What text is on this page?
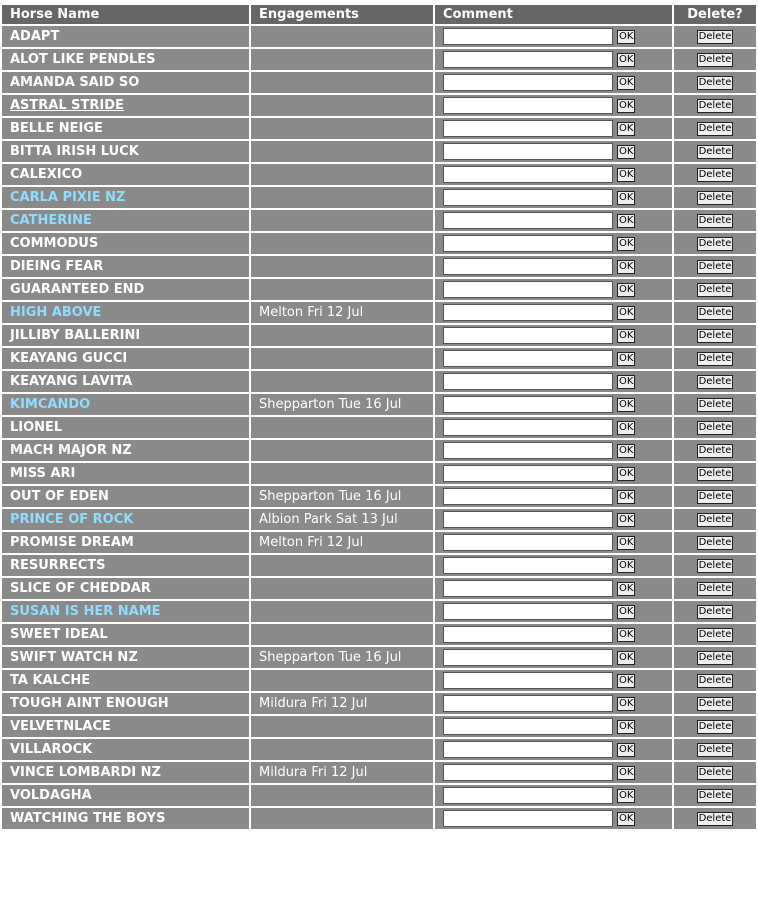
Horse Name	Engagements	Comment	Delete?
ADAPT		OK	Delete
ALOT LIKE PENDLES		OK	Delete
AMANDA SAID SO		OK	Delete
ASTRAL STRIDE		OK	Delete
BELLE NEIGE		OK	Delete
BITTA IRISH LUCK		OK	Delete
CALEXICO		OK	Delete
CARLA PIXIE NZ		OK	Delete
CATHERINE		OK	Delete
COMMODUS		OK	Delete
DIEING FEAR		OK	Delete
GUARANTEED END		OK	Delete
HIGH ABOVE	Melton Fri 12 Jul	OK	Delete
JILLIBY BALLERINI		OK	Delete
KEAYANG GUCCI		OK	Delete
KEAYANG LAVITA		OK	Delete
KIMCANDO	Shepparton Tue 16 Jul	OK	Delete
LIONEL		OK	Delete
MACH MAJOR NZ		OK	Delete
MISS ARI		OK	Delete
OUT OF EDEN	Shepparton Tue 16 Jul	OK	Delete
PRINCE OF ROCK	Albion Park Sat 13 Jul	OK	Delete
PROMISE DREAM	Melton Fri 12 Jul	OK	Delete
RESURRECTS		OK	Delete
SLICE OF CHEDDAR		OK	Delete
SUSAN IS HER NAME		OK	Delete
SWEET IDEAL		OK	Delete
SWIFT WATCH NZ	Shepparton Tue 16 Jul	OK	Delete
TA KALCHE		OK	Delete
TOUGH AINT ENOUGH	Mildura Fri 12 Jul	OK	Delete
VELVETNLACE		OK	Delete
VILLAROCK		OK	Delete
VINCE LOMBARDI NZ	Mildura Fri 12 Jul	OK	Delete
VOLDAGHA		OK	Delete
WATCHING THE BOYS		OK	Delete
